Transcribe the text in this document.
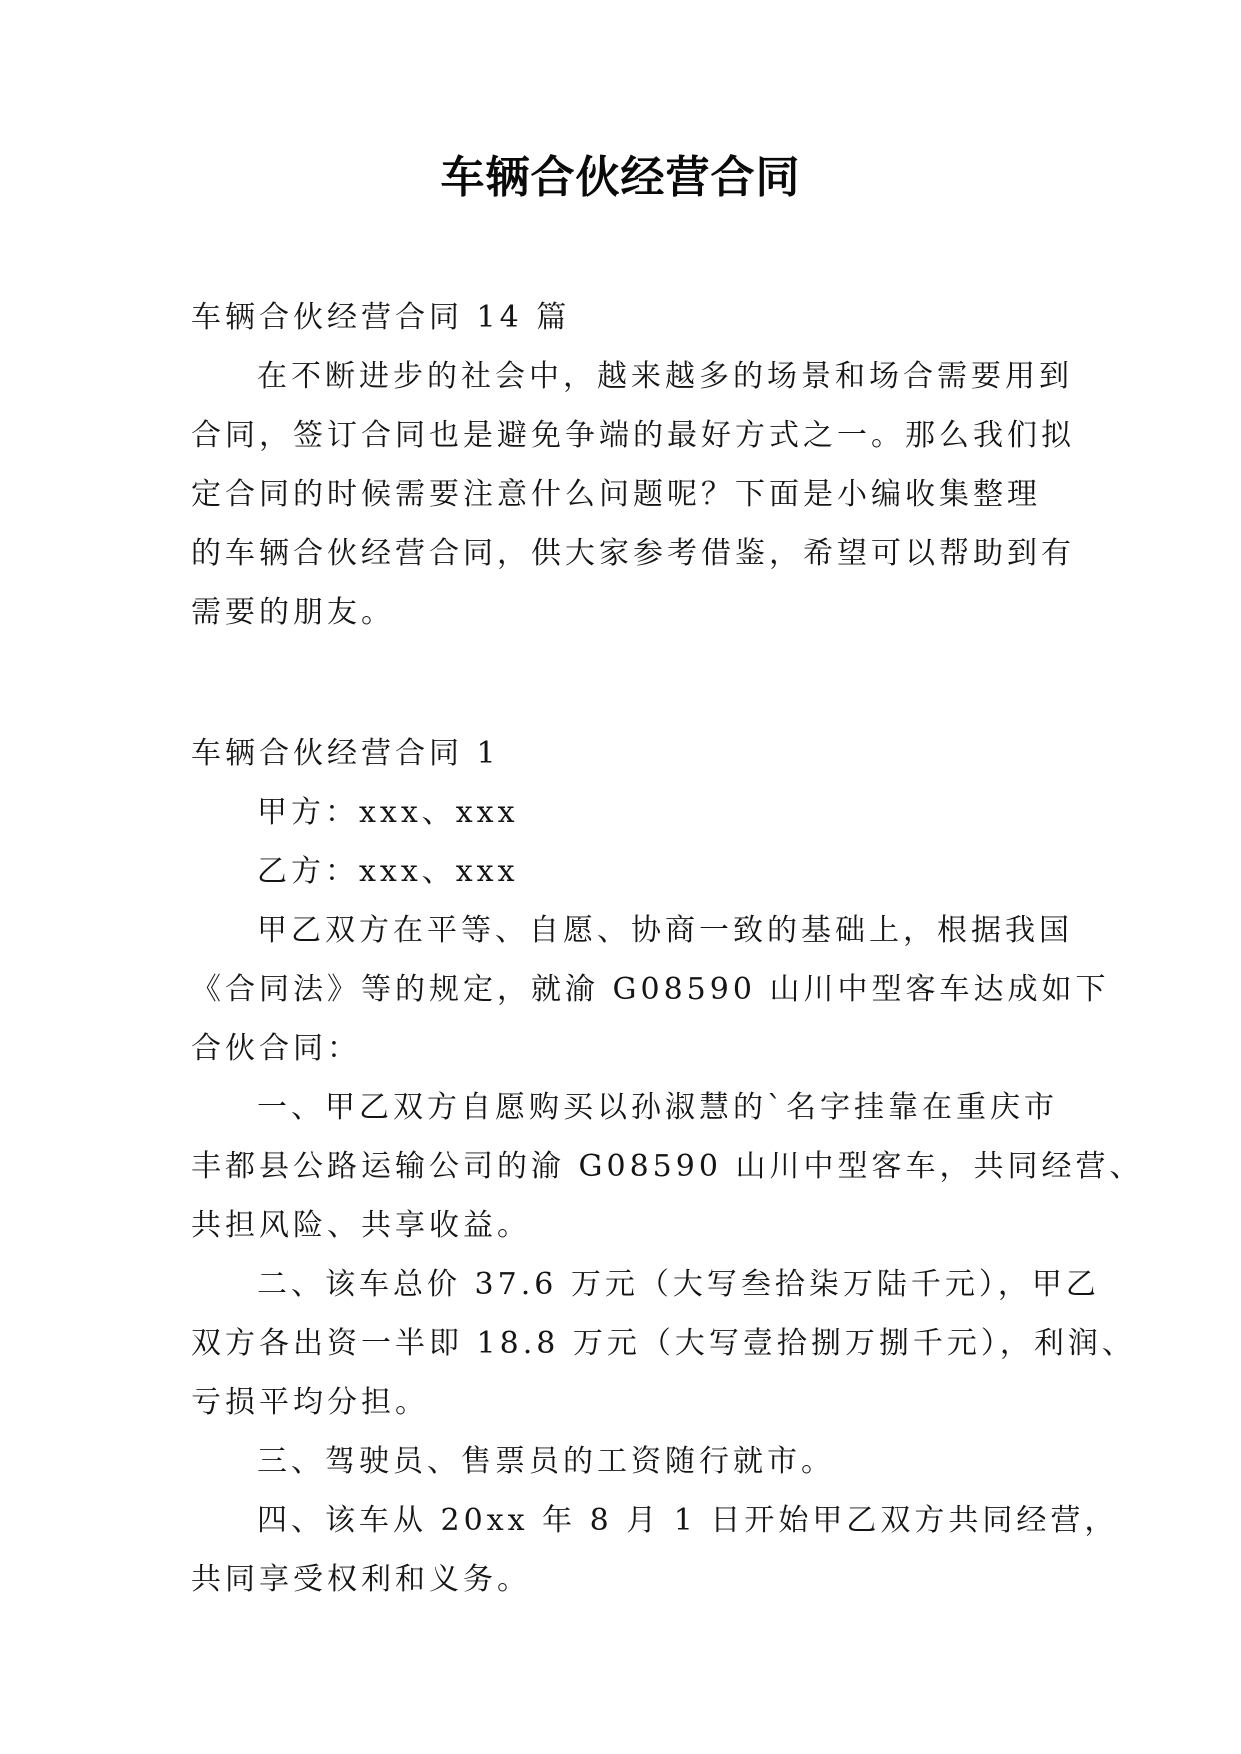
车辆合伙经营合同
车辆合伙经营合同 14 篇
在不断进步的社会中，越来越多的场景和场合需要用到
合同，签订合同也是避免争端的最好方式之一。那么我们拟
定合同的时候需要注意什么问题呢？下面是小编收集整理
的车辆合伙经营合同，供大家参考借鉴，希望可以帮助到有
需要的朋友。
车辆合伙经营合同 1
甲方：xxx、xxx
乙方：xxx、xxx
甲乙双方在平等、自愿、协商一致的基础上，根据我国
《合同法》等的规定，就渝 G08590 山川中型客车达成如下
合伙合同：
一、甲乙双方自愿购买以孙淑慧的`名字挂靠在重庆市
丰都县公路运输公司的渝 G08590 山川中型客车，共同经营、
共担风险、共享收益。
二、该车总价 37.6 万元（大写叁拾柒万陆千元），甲乙
双方各出资一半即 18.8 万元（大写壹拾捌万捌千元），利润、
亏损平均分担。
三、驾驶员、售票员的工资随行就市。
四、该车从 20xx 年 8 月 1 日开始甲乙双方共同经营，
共同享受权利和义务。
